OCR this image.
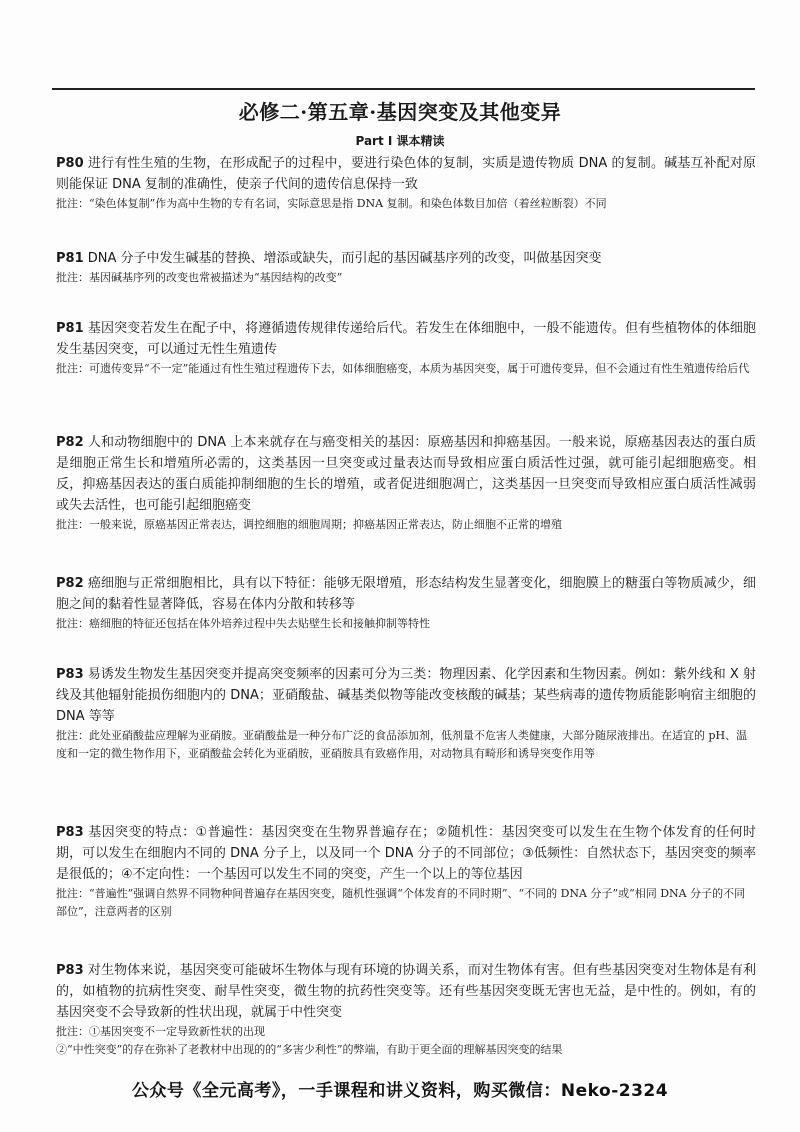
必修二·第五章·基因突变及其他变异
Part I 课本精读

P80 进行有性生殖的生物，在形成配子的过程中，要进行染色体的复制，实质是遗传物质 DNA 的复制。碱基互补配对原则能保证 DNA 复制的准确性，使亲子代间的遗传信息保持一致

批注：“染色体复制”作为高中生物的专有名词，实际意思是指 DNA 复制。和染色体数目加倍（着丝粒断裂）不同

P81 DNA 分子中发生碱基的替换、增添或缺失，而引起的基因碱基序列的改变，叫做基因突变

批注：基因碱基序列的改变也常被描述为“基因结构的改变”

P81 基因突变若发生在配子中，将遵循遗传规律传递给后代。若发生在体细胞中，一般不能遗传。但有些植物体的体细胞发生基因突变，可以通过无性生殖遗传

批注：可遗传变异“不一定”能通过有性生殖过程遗传下去，如体细胞癌变，本质为基因突变，属于可遗传变异，但不会通过有性生殖遗传给后代

P82 人和动物细胞中的 DNA 上本来就存在与癌变相关的基因：原癌基因和抑癌基因。一般来说，原癌基因表达的蛋白质是细胞正常生长和增殖所必需的，这类基因一旦突变或过量表达而导致相应蛋白质活性过强，就可能引起细胞癌变。相反，抑癌基因表达的蛋白质能抑制细胞的生长的增殖，或者促进细胞凋亡，这类基因一旦突变而导致相应蛋白质活性减弱或失去活性，也可能引起细胞癌变

批注：一般来说，原癌基因正常表达，调控细胞的细胞周期；抑癌基因正常表达，防止细胞不正常的增殖

P82 癌细胞与正常细胞相比，具有以下特征：能够无限增殖，形态结构发生显著变化，细胞膜上的糖蛋白等物质减少，细胞之间的黏着性显著降低，容易在体内分散和转移等

批注：癌细胞的特征还包括在体外培养过程中失去贴壁生长和接触抑制等特性

P83 易诱发生物发生基因突变并提高突变频率的因素可分为三类：物理因素、化学因素和生物因素。例如：紫外线和 X 射线及其他辐射能损伤细胞内的 DNA；亚硝酸盐、碱基类似物等能改变核酸的碱基；某些病毒的遗传物质能影响宿主细胞的 DNA 等等

批注：此处亚硝酸盐应理解为亚硝胺。亚硝酸盐是一种分布广泛的食品添加剂，低剂量不危害人类健康，大部分随尿液排出。在适宜的 pH、温度和一定的微生物作用下，亚硝酸盐会转化为亚硝胺，亚硝胺具有致癌作用，对动物具有畸形和诱导突变作用等

P83 基因突变的特点：①普遍性：基因突变在生物界普遍存在；②随机性：基因突变可以发生在生物个体发育的任何时期，可以发生在细胞内不同的 DNA 分子上，以及同一个 DNA 分子的不同部位；③低频性：自然状态下，基因突变的频率是很低的；④不定向性：一个基因可以发生不同的突变，产生一个以上的等位基因

批注：“普遍性”强调自然界不同物种间普遍存在基因突变，随机性强调“个体发育的不同时期”、“不同的 DNA 分子”或“相同 DNA 分子的不同部位”，注意两者的区别

P83 对生物体来说，基因突变可能破坏生物体与现有环境的协调关系，而对生物体有害。但有些基因突变对生物体是有利的，如植物的抗病性突变、耐旱性突变，微生物的抗药性突变等。还有些基因突变既无害也无益，是中性的。例如，有的基因突变不会导致新的性状出现，就属于中性突变

批注：①基因突变不一定导致新性状的出现

②“中性突变”的存在弥补了老教材中出现的的“多害少利性”的弊端，有助于更全面的理解基因突变的结果

公众号《全元高考》，一手课程和讲义资料，购买微信：Neko-2324
